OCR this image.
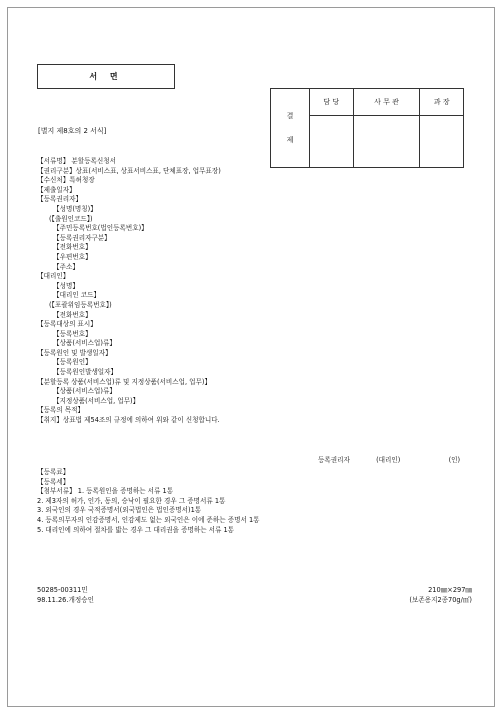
서 면
[별지 제8호의 2 서식]
결
제	담 당	사 무 관	과 장

【서류명】 분할등록신청서
【권리구분】상표(서비스표, 상표서비스표, 단체표장, 업무표장)
【수신처】특허청장
【제출일자】
【등록권리자】
【성명(명칭)】
(【출원인코드】)
【주민등록번호(법인등록번호)】
【등록권리자구분】
【전화번호】
【우편번호】
【주소】
【대리인】
【성명】
【대리인 코드】
(【포괄위임등록번호】)
【전화번호】
【등록대상의 표시】
【등록번호】
【상품(서비스업)류】
【등록원인 및 발생일자】
【등록원인】
【등록원인발생일자】
【분할등록 상품(서비스업)류 및 지정상품(서비스업, 업무)】
【상품(서비스업)류】
【지정상품(서비스업, 업무)】
【등록의 목적】
【취지】상표법 제54조의 규정에 의하여 위와 같이 신청합니다.
등록권리자	(대리인)	(인)
【등록료】
【등록세】
【첨부서류】 1. 등록원인을 증명하는 서류 1통
2. 제3자의 허가, 인가, 동의, 승낙이 필요한 경우 그 증명서류 1통
3. 외국인의 경우 국적증명서(외국법인은 법인증명서)1통
4. 등록의무자의 인감증명서, 인감제도 없는 외국인은 이에 준하는 증명서 1통
5. 대리인에 의하여 절차를 밟는 경우 그 대리권을 증명하는 서류 1통
50285-00311민
98.11.26.개정승인
210㎜×297㎜
(보존용지2종70g/㎡)
